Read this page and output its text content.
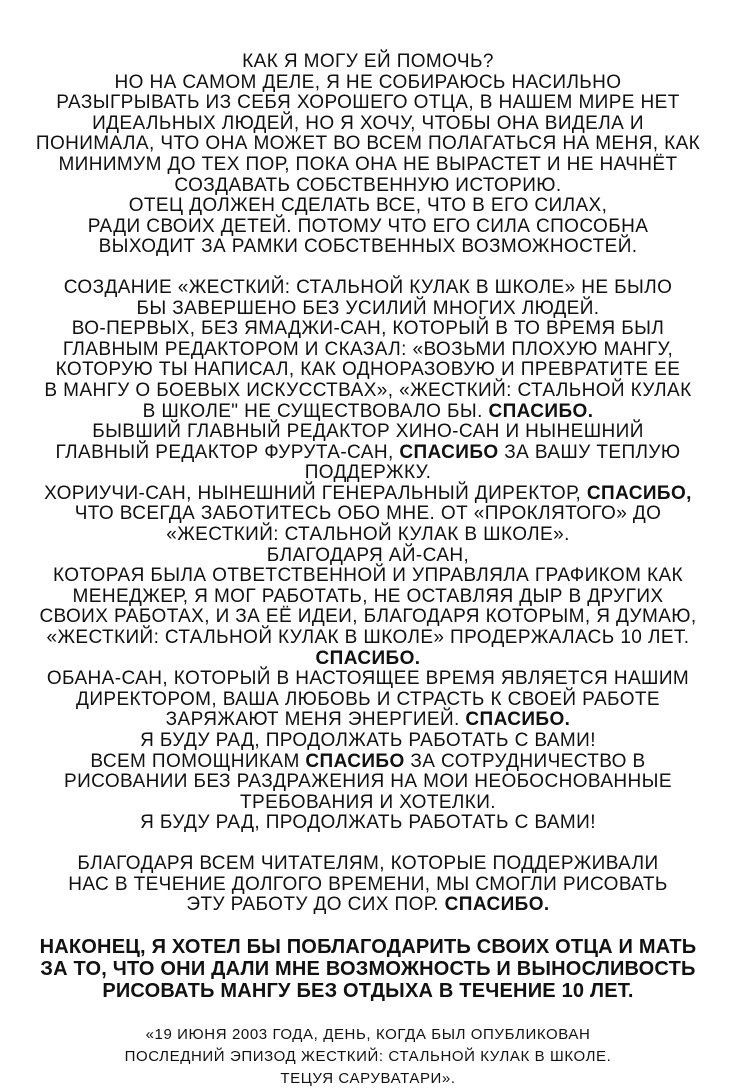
КАК Я МОГУ ЕЙ ПОМОЧЬ?
НО НА САМОМ ДЕЛЕ, Я НЕ СОБИРАЮСЬ НАСИЛЬНО
РАЗЫГРЫВАТЬ ИЗ СЕБЯ ХОРОШЕГО ОТЦА, В НАШЕМ МИРЕ НЕТ
ИДЕАЛЬНЫХ ЛЮДЕЙ, НО Я ХОЧУ, ЧТОБЫ ОНА ВИДЕЛА И
ПОНИМАЛА, ЧТО ОНА МОЖЕТ ВО ВСЕМ ПОЛАГАТЬСЯ НА МЕНЯ, КАК
МИНИМУМ ДО ТЕХ ПОР, ПОКА ОНА НЕ ВЫРАСТЕТ И НЕ НАЧНЁТ
СОЗДАВАТЬ СОБСТВЕННУЮ ИСТОРИЮ.
ОТЕЦ ДОЛЖЕН СДЕЛАТЬ ВСЕ, ЧТО В ЕГО СИЛАХ,
РАДИ СВОИХ ДЕТЕЙ. ПОТОМУ ЧТО ЕГО СИЛА СПОСОБНА
ВЫХОДИТ ЗА РАМКИ СОБСТВЕННЫХ ВОЗМОЖНОСТЕЙ.
СОЗДАНИЕ «ЖЕСТКИЙ: СТАЛЬНОЙ КУЛАК В ШКОЛЕ» НЕ БЫЛО
БЫ ЗАВЕРШЕНО БЕЗ УСИЛИЙ МНОГИХ ЛЮДЕЙ.
ВО-ПЕРВЫХ, БЕЗ ЯМАДЖИ-САН, КОТОРЫЙ В ТО ВРЕМЯ БЫЛ
ГЛАВНЫМ РЕДАКТОРОМ И СКАЗАЛ: «ВОЗЬМИ ПЛОХУЮ МАНГУ,
КОТОРУЮ ТЫ НАПИСАЛ, КАК ОДНОРАЗОВУЮ И ПРЕВРАТИТЕ ЕЕ
В МАНГУ О БОЕВЫХ ИСКУССТВАХ», «ЖЕСТКИЙ: СТАЛЬНОЙ КУЛАК
В ШКОЛЕ" НЕ СУЩЕСТВОВАЛО БЫ. СПАСИБО.
БЫВШИЙ ГЛАВНЫЙ РЕДАКТОР ХИНО-САН И НЫНЕШНИЙ
ГЛАВНЫЙ РЕДАКТОР ФУРУТА-САН, СПАСИБО ЗА ВАШУ ТЕПЛУЮ
ПОДДЕРЖКУ.
ХОРИУЧИ-САН, НЫНЕШНИЙ ГЕНЕРАЛЬНЫЙ ДИРЕКТОР, СПАСИБО,
ЧТО ВСЕГДА ЗАБОТИТЕСЬ ОБО МНЕ. ОТ «ПРОКЛЯТОГО» ДО
«ЖЕСТКИЙ: СТАЛЬНОЙ КУЛАК В ШКОЛЕ».
БЛАГОДАРЯ АЙ-САН,
КОТОРАЯ БЫЛА ОТВЕТСТВЕННОЙ И УПРАВЛЯЛА ГРАФИКОМ КАК
МЕНЕДЖЕР, Я МОГ РАБОТАТЬ, НЕ ОСТАВЛЯЯ ДЫР В ДРУГИХ
СВОИХ РАБОТАХ, И ЗА ЕЁ ИДЕИ, БЛАГОДАРЯ КОТОРЫМ, Я ДУМАЮ,
«ЖЕСТКИЙ: СТАЛЬНОЙ КУЛАК В ШКОЛЕ» ПРОДЕРЖАЛАСЬ 10 ЛЕТ.
СПАСИБО.
ОБАНА-САН, КОТОРЫЙ В НАСТОЯЩЕЕ ВРЕМЯ ЯВЛЯЕТСЯ НАШИМ
ДИРЕКТОРОМ, ВАША ЛЮБОВЬ И СТРАСТЬ К СВОЕЙ РАБОТЕ
ЗАРЯЖАЮТ МЕНЯ ЭНЕРГИЕЙ. СПАСИБО.
Я БУДУ РАД, ПРОДОЛЖАТЬ РАБОТАТЬ С ВАМИ!
ВСЕМ ПОМОЩНИКАМ СПАСИБО ЗА СОТРУДНИЧЕСТВО В
РИСОВАНИИ БЕЗ РАЗДРАЖЕНИЯ НА МОИ НЕОБОСНОВАННЫЕ
ТРЕБОВАНИЯ И ХОТЕЛКИ.
Я БУДУ РАД, ПРОДОЛЖАТЬ РАБОТАТЬ С ВАМИ!
БЛАГОДАРЯ ВСЕМ ЧИТАТЕЛЯМ, КОТОРЫЕ ПОДДЕРЖИВАЛИ
НАС В ТЕЧЕНИЕ ДОЛГОГО ВРЕМЕНИ, МЫ СМОГЛИ РИСОВАТЬ
ЭТУ РАБОТУ ДО СИХ ПОР. СПАСИБО.
НАКОНЕЦ, Я ХОТЕЛ БЫ ПОБЛАГОДАРИТЬ СВОИХ ОТЦА И МАТЬ
ЗА ТО, ЧТО ОНИ ДАЛИ МНЕ ВОЗМОЖНОСТЬ И ВЫНОСЛИВОСТЬ
РИСОВАТЬ МАНГУ БЕЗ ОТДЫХА В ТЕЧЕНИЕ 10 ЛЕТ.
«19 ИЮНЯ 2003 ГОДА, ДЕНЬ, КОГДА БЫЛ ОПУБЛИКОВАН
ПОСЛЕДНИЙ ЭПИЗОД ЖЕСТКИЙ: СТАЛЬНОЙ КУЛАК В ШКОЛЕ.
ТЕЦУЯ САРУВАТАРИ».
